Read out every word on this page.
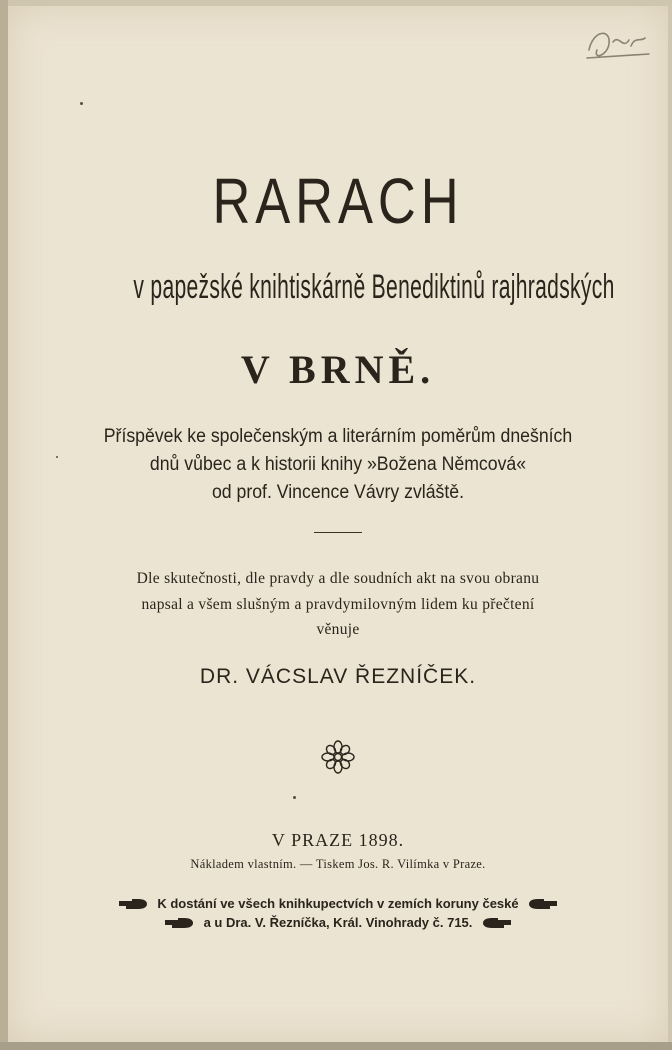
RARACH
v papežské knihtiskárně Benediktinů rajhradských
V BRNĚ.
Příspěvek ke společenským a literárním poměrům dnešních
dnů vůbec a k historii knihy »Božena Němcová«
od prof. Vincence Vávry zvláště.
Dle skutečnosti, dle pravdy a dle soudních akt na svou obranu
napsal a všem slušným a pravdymilovným lidem ku přečtení
věnuje
DR. VÁCSLAV ŘEZNÍČEK.
V PRAZE 1898.
Nákladem vlastním. — Tiskem Jos. R. Vilímka v Praze.
K dostání ve všech knihkupectvích v zemích koruny české
a u Dra. V. Řezníčka, Král. Vinohrady č. 715.
